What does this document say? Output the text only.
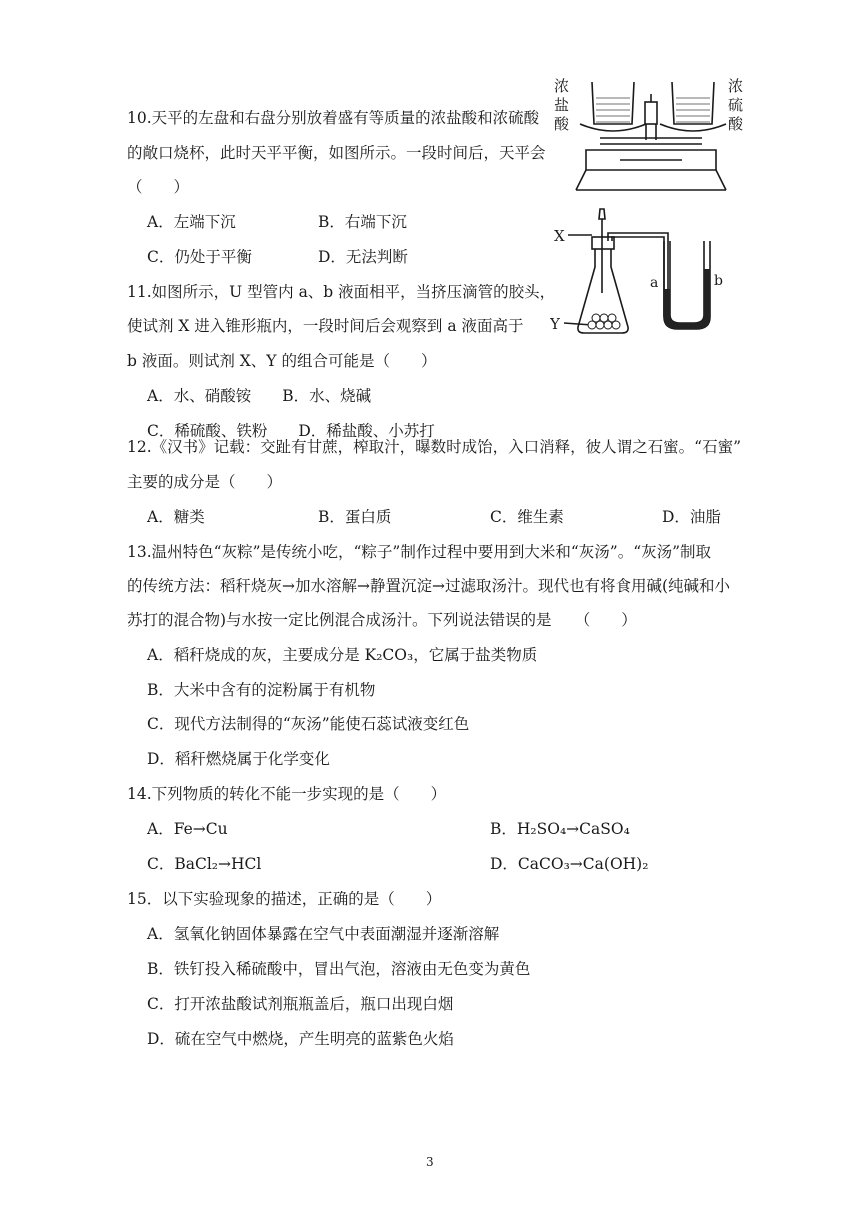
10.天平的左盘和右盘分别放着盛有等质量的浓盐酸和浓硫酸
的敞口烧杯，此时天平平衡，如图所示。一段时间后，天平会
（　　）
A．左端下沉	B．右端下沉
C．仍处于平衡	D．无法判断
浓
盐
酸
浓
硫
酸
11.如图所示，U 型管内 a、b 液面相平，当挤压滴管的胶头，
使试剂 X 进入锥形瓶内，一段时间后会观察到 a 液面高于
b 液面。则试剂 X、Y 的组合可能是（　　）
A．水、硝酸铵　　B．水、烧碱
C．稀硫酸、铁粉　　D．稀盐酸、小苏打
X
Y
a	b
12.《汉书》记载：交趾有甘蔗，榨取汁，曝数时成饴，入口消释，彼人谓之石蜜。“石蜜”
主要的成分是（　　）
A．糖类	B．蛋白质	C．维生素	D．油脂
13.温州特色“灰粽”是传统小吃，“粽子”制作过程中要用到大米和“灰汤”。“灰汤”制取
的传统方法：稻秆烧灰→加水溶解→静置沉淀→过滤取汤汁。现代也有将食用碱(纯碱和小
苏打的混合物)与水按一定比例混合成汤汁。下列说法错误的是　　（　　）
A．稻秆烧成的灰，主要成分是 K₂CO₃，它属于盐类物质
B．大米中含有的淀粉属于有机物
C．现代方法制得的“灰汤”能使石蕊试液变红色
D．稻秆燃烧属于化学变化
14.下列物质的转化不能一步实现的是（　　）
A．Fe→Cu	B．H₂SO₄→CaSO₄
C．BaCl₂→HCl	D．CaCO₃→Ca(OH)₂
15．以下实验现象的描述，正确的是（　　）
A．氢氧化钠固体暴露在空气中表面潮湿并逐渐溶解
B．铁钉投入稀硫酸中，冒出气泡，溶液由无色变为黄色
C．打开浓盐酸试剂瓶瓶盖后，瓶口出现白烟
D．硫在空气中燃烧，产生明亮的蓝紫色火焰
3
